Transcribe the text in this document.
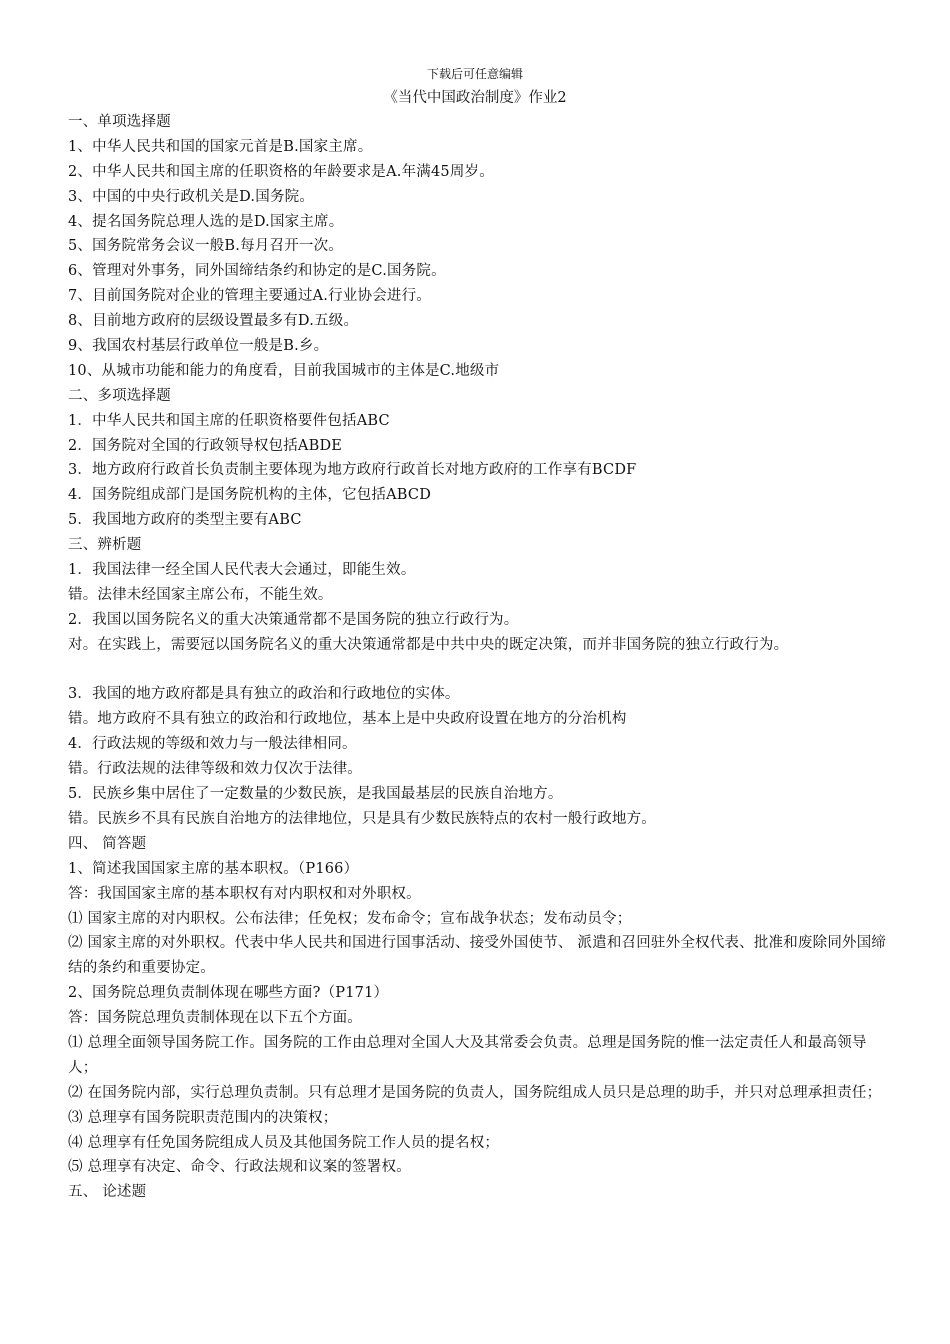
下载后可任意编辑
《当代中国政治制度》作业2
一、单项选择题
1、中华人民共和国的国家元首是B.国家主席。
2、中华人民共和国主席的任职资格的年龄要求是A.年满45周岁。
3、中国的中央行政机关是D.国务院。
4、提名国务院总理人选的是D.国家主席。
5、国务院常务会议一般B.每月召开一次。
6、管理对外事务，同外国缔结条约和协定的是C.国务院。
7、目前国务院对企业的管理主要通过A.行业协会进行。
8、目前地方政府的层级设置最多有D.五级。
9、我国农村基层行政单位一般是B.乡。
10、从城市功能和能力的角度看，目前我国城市的主体是C.地级市
二、多项选择题
1．中华人民共和国主席的任职资格要件包括ABC
2．国务院对全国的行政领导权包括ABDE
3．地方政府行政首长负责制主要体现为地方政府行政首长对地方政府的工作享有BCDF
4．国务院组成部门是国务院机构的主体，它包括ABCD
5．我国地方政府的类型主要有ABC
三、辨析题
1．我国法律一经全国人民代表大会通过，即能生效。
错。法律未经国家主席公布，不能生效。
2．我国以国务院名义的重大决策通常都不是国务院的独立行政行为。
对。在实践上，需要冠以国务院名义的重大决策通常都是中共中央的既定决策，而并非国务院的独立行政行为。
3．我国的地方政府都是具有独立的政治和行政地位的实体。
错。地方政府不具有独立的政治和行政地位，基本上是中央政府设置在地方的分治机构
4．行政法规的等级和效力与一般法律相同。
错。行政法规的法律等级和效力仅次于法律。
5．民族乡集中居住了一定数量的少数民族，是我国最基层的民族自治地方。
错。民族乡不具有民族自治地方的法律地位，只是具有少数民族特点的农村一般行政地方。
四、 简答题
1、简述我国国家主席的基本职权。（P166）
答：我国国家主席的基本职权有对内职权和对外职权。
⑴ 国家主席的对内职权。公布法律；任免权；发布命令；宣布战争状态；发布动员令；
⑵ 国家主席的对外职权。代表中华人民共和国进行国事活动、接受外国使节、 派遣和召回驻外全权代表、批准和废除同外国缔结的条约和重要协定。
2、国务院总理负责制体现在哪些方面?（P171）
答：国务院总理负责制体现在以下五个方面。
⑴ 总理全面领导国务院工作。国务院的工作由总理对全国人大及其常委会负责。总理是国务院的惟一法定责任人和最高领导人；
⑵ 在国务院内部，实行总理负责制。只有总理才是国务院的负责人，国务院组成人员只是总理的助手，并只对总理承担责任；
⑶ 总理享有国务院职责范围内的决策权；
⑷ 总理享有任免国务院组成人员及其他国务院工作人员的提名权；
⑸ 总理享有决定、命令、行政法规和议案的签署权。
五、 论述题
